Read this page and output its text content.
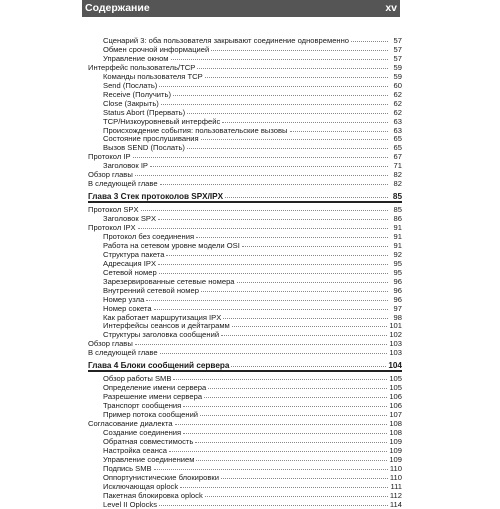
Содержание	xv
Сценарий 3: оба пользователя закрывают соединение одновременно	57
Обмен срочной информацией	57
Управление окном	57
Интерфейс пользователь/TCP	59
Команды пользователя TCP	59
Send (Послать)	60
Receive (Получить)	62
Close (Закрыть)	62
Status Abort (Прервать)	62
TCP/Низкоуровневый интерфейс	63
Происхождение события: пользовательские вызовы	63
Состояние прослушивания	65
Вызов SEND (Послать)	65
Протокол IP	67
Заголовок IP	71
Обзор главы	82
В следующей главе	82
Глава 3 Стек протоколов SPX/IPX	85
Протокол SPX	85
Заголовок SPX	86
Протокол IPX	91
Протокол без соединения	91
Работа на сетевом уровне модели OSI	91
Структура пакета	92
Адресация IPX	95
Сетевой номер	95
Зарезервированные сетевые номера	96
Внутренний сетевой номер	96
Номер узла	96
Номер сокета	97
Как работает маршрутизация IPX	98
Интерфейсы сеансов и дейтаграмм	101
Структуры заголовка сообщений	102
Обзор главы	103
В следующей главе	103
Глава 4 Блоки сообщений сервера	104
Обзор работы SMB	105
Определение имени сервера	105
Разрешение имени сервера	106
Транспорт сообщения	106
Пример потока сообщений	107
Согласование диалекта	108
Создание соединения	108
Обратная совместимость	109
Настройка сеанса	109
Управление соединением	109
Подпись SMB	110
Оппортунистические блокировки	110
Исключающая oplock	111
Пакетная блокировка oplock	112
Level II Oplocks	114
